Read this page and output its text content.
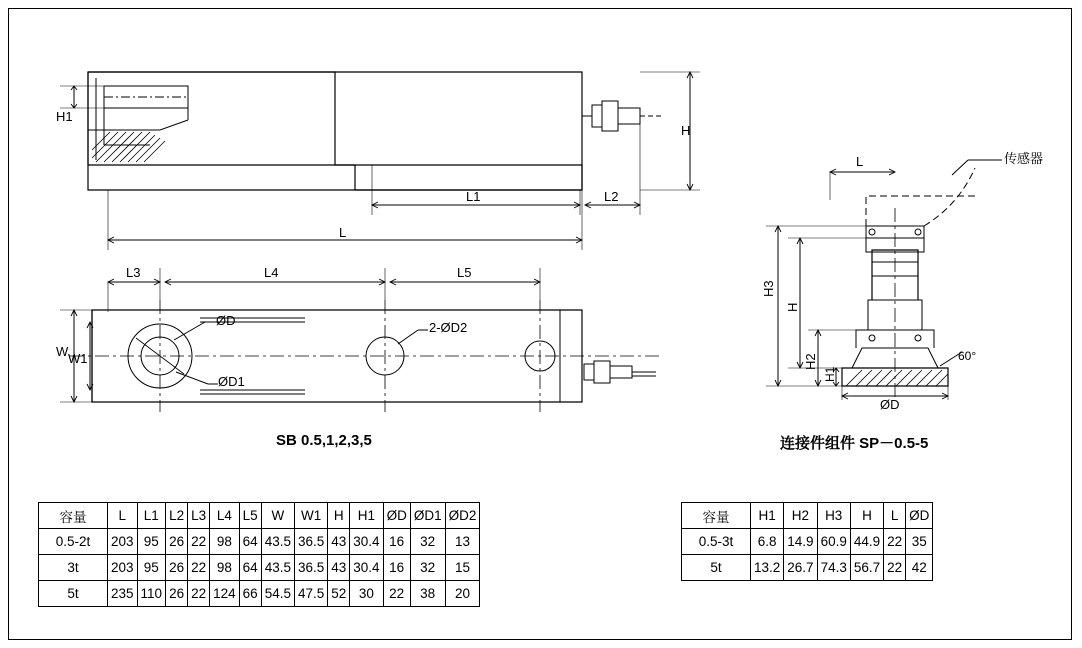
H1
H
L1	L2
L
L3	L4	L5
W W1
ØD
ØD1
2-ØD2
SB 0.5,1,2,3,5
L	传感器
H3
H
H2
H1
ØD
60°
连接件组件 SP－0.5-5
容量	L	L1	L2	L3	L4	L5	W	W1	H	H1	ØD	ØD1	ØD2
0.5-2t	203	95	26	22	98	64	43.5	36.5	43	30.4	16	32	13
3t	203	95	26	22	98	64	43.5	36.5	43	30.4	16	32	15
5t	235	110	26	22	124	66	54.5	47.5	52	30	22	38	20
容量	H1	H2	H3	H	L	ØD
0.5-3t	6.8	14.9	60.9	44.9	22	35
5t	13.2	26.7	74.3	56.7	22	42
